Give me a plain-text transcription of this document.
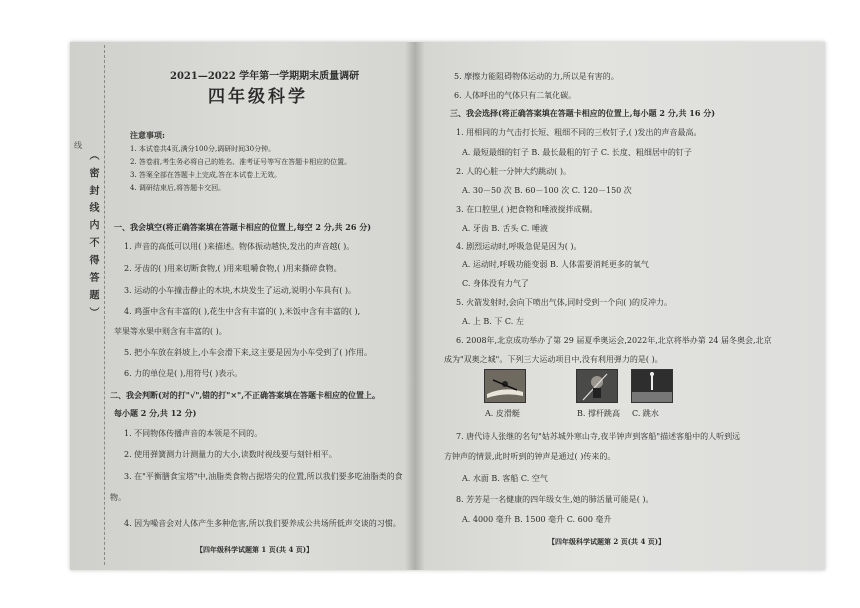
（ 密 封 线 内 不 得 答 题 ）
线
2021—2022 学年第一学期期末质量调研
四年级科学
注意事项:
1. 本试卷共4页,满分100分,调研时间30分钟。
2. 答卷前,考生务必将自己的姓名、准考证号等写在答题卡相应的位置。
3. 答案全部在答题卡上完成,答在本试卷上无效。
4. 调研结束后,将答题卡交回。
一、我会填空(将正确答案填在答题卡相应的位置上,每空 2 分,共 26 分)
1. 声音的高低可以用( )来描述。物体振动越快,发出的声音越( )。
2. 牙齿的( )用来切断食物,( )用来咀嚼食物,( )用来撕碎食物。
3. 运动的小车撞击静止的木块,木块发生了运动,说明小车具有( )。
4. 鸡蛋中含有丰富的( ),花生中含有丰富的( ),米饭中含有丰富的( ),
苹果等水果中则含有丰富的( )。
5. 把小车放在斜坡上,小车会滑下来,这主要是因为小车受到了( )作用。
6. 力的单位是( ),用符号( )表示。
二、我会判断(对的打"√",错的打"×",不正确答案填在答题卡相应的位置上。
每小题 2 分,共 12 分)
1. 不同物体传播声音的本领是不同的。
2. 使用弹簧测力计测量力的大小,读数时视线要与刻针相平。
3. 在"平衡膳食宝塔"中,油脂类食物占据塔尖的位置,所以我们要多吃油脂类的食
物。
4. 因为噪音会对人体产生多种危害,所以我们要养成公共场所低声交谈的习惯。
【四年级科学试题第 1 页(共 4 页)】
5. 摩擦力能阻碍物体运动的力,所以是有害的。
6. 人体呼出的气体只有二氧化碳。
三、我会选择(将正确答案填在答题卡相应的位置上,每小题 2 分,共 16 分)
1. 用相同的力气击打长短、粗细不同的三枚钉子,( )发出的声音最高。
A. 最短最细的钉子 B. 最长最粗的钉子 C. 长度、粗细居中的钉子
2. 人的心脏一分钟大约跳动( )。
A. 30－50 次 B. 60－100 次 C. 120－150 次
3. 在口腔里,( )把食物和唾液搅拌成糊。
A. 牙齿 B. 舌头 C. 唾液
4. 剧烈运动时,呼吸急促是因为( )。
A. 运动时,呼吸功能变弱 B. 人体需要消耗更多的氧气
C. 身体没有力气了
5. 火箭发射时,会向下喷出气体,同时受到一个向( )的反冲力。
A. 上 B. 下 C. 左
6. 2008年,北京成功举办了第 29 届夏季奥运会,2022年,北京将举办第 24 届冬奥会,北京
成为"双奥之城"。下列三大运动项目中,没有利用弹力的是( )。
A. 皮滑艇	B. 撑杆跳高 C. 跳水
7. 唐代诗人张继的名句"姑苏城外寒山寺,夜半钟声到客船"描述客船中的人听到远
方钟声的情景,此时听到的钟声是通过( )传来的。
A. 水面 B. 客船 C. 空气
8. 芳芳是一名健康的四年级女生,她的肺活量可能是( )。
A. 4000 毫升 B. 1500 毫升 C. 600 毫升
【四年级科学试题第 2 页(共 4 页)】
